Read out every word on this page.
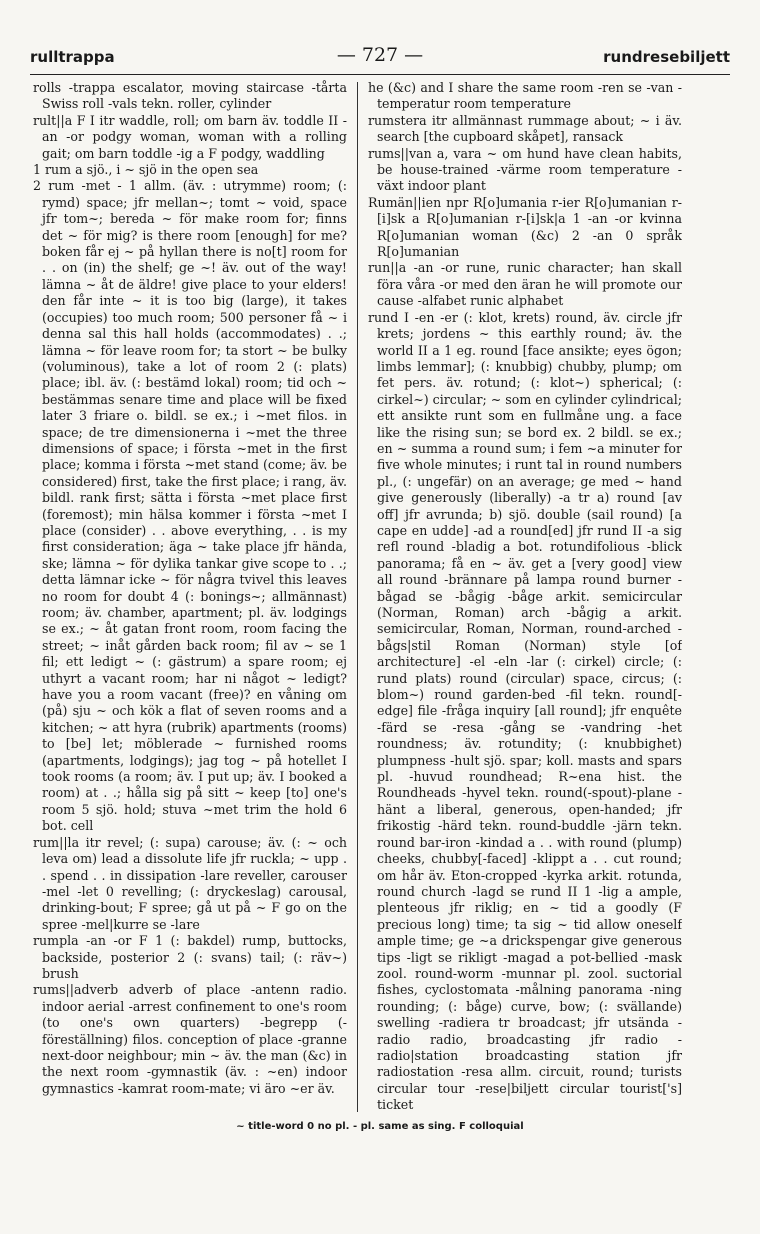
rulltrappa	— 727 —	rundresebiljett

rolls -trappa escalator, moving staircase -tårta Swiss roll -vals tekn. roller, cylinder

rult||a F I itr waddle, roll; om barn äv. toddle II -an -or podgy woman, woman with a rolling gait; om barn toddle -ig a F podgy, waddling

1 rum a sjö., i ~ sjö in the open sea

2 rum -met - 1 allm. (äv. : utrymme) room; (: rymd) space; jfr mellan~; tomt ~ void, space jfr tom~; bereda ~ för make room for; finns det ~ för mig? is there room [enough] for me? boken får ej ~ på hyllan there is no[t] room for . . on (in) the shelf; ge ~! äv. out of the way! lämna ~ åt de äldre! give place to your elders! den får inte ~ it is too big (large), it takes (occupies) too much room; 500 personer få ~ i denna sal this hall holds (accommodates) . .; lämna ~ för leave room for; ta stort ~ be bulky (voluminous), take a lot of room 2 (: plats) place; ibl. äv. (: bestämd lokal) room; tid och ~ bestämmas senare time and place will be fixed later 3 friare o. bildl. se ex.; i ~met filos. in space; de tre dimensionerna i ~met the three dimensions of space; i första ~met in the first place; komma i första ~met stand (come; äv. be considered) first, take the first place; i rang, äv. bildl. rank first; sätta i första ~met place first (foremost); min hälsa kommer i första ~met I place (consider) . . above everything, . . is my first consideration; äga ~ take place jfr hända, ske; lämna ~ för dylika tankar give scope to . .; detta lämnar icke ~ för några tvivel this leaves no room for doubt 4 (: bonings~; allmännast) room; äv. chamber, apartment; pl. äv. lodgings se ex.; ~ åt gatan front room, room facing the street; ~ inåt gården back room; fil av ~ se 1 fil; ett ledigt ~ (: gästrum) a spare room; ej uthyrt a vacant room; har ni något ~ ledigt? have you a room vacant (free)? en våning om (på) sju ~ och kök a flat of seven rooms and a kitchen; ~ att hyra (rubrik) apartments (rooms) to [be] let; möblerade ~ furnished rooms (apartments, lodgings); jag tog ~ på hotellet I took rooms (a room; äv. I put up; äv. I booked a room) at . .; hålla sig på sitt ~ keep [to] one's room 5 sjö. hold; stuva ~met trim the hold 6 bot. cell

rum||la itr revel; (: supa) carouse; äv. (: ~ och leva om) lead a dissolute life jfr ruckla; ~ upp . . spend . . in dissipation -lare reveller, carouser -mel -let 0 revelling; (: dryckeslag) carousal, drinking-bout; F spree; gå ut på ~ F go on the spree -mel|kurre se -lare

rumpla -an -or F 1 (: bakdel) rump, buttocks, backside, posterior 2 (: svans) tail; (: räv~) brush

rums||adverb adverb of place -antenn radio. indoor aerial -arrest confinement to one's room (to one's own quarters) -begrepp (-föreställning) filos. conception of place -granne next-door neighbour; min ~ äv. the man (&c) in the next room -gymnastik (äv. : ~en) indoor gymnastics -kamrat room-mate; vi äro ~er äv.

he (&c) and I share the same room -ren se -van -temperatur room temperature

rumstera itr allmännast rummage about; ~ i äv. search [the cupboard skåpet], ransack

rums||van a, vara ~ om hund have clean habits, be house-trained -värme room temperature -växt indoor plant

Rumän||ien npr R[o]umania r-ier R[o]umanian r-[i]sk a R[o]umanian r-[i]sk|a 1 -an -or kvinna R[o]umanian woman (&c) 2 -an 0 språk R[o]umanian

run||a -an -or rune, runic character; han skall föra våra -or med den äran he will promote our cause -alfabet runic alphabet

rund I -en -er (: klot, krets) round, äv. circle jfr krets; jordens ~ this earthly round; äv. the world II a 1 eg. round [face ansikte; eyes ögon; limbs lemmar]; (: knubbig) chubby, plump; om fet pers. äv. rotund; (: klot~) spherical; (: cirkel~) circular; ~ som en cylinder cylindrical; ett ansikte runt som en fullmåne ung. a face like the rising sun; se bord ex. 2 bildl. se ex.; en ~ summa a round sum; i fem ~a minuter for five whole minutes; i runt tal in round numbers pl., (: ungefär) on an average; ge med ~ hand give generously (liberally) -a tr a) round [av off] jfr avrunda; b) sjö. double (sail round) [a cape en udde] -ad a round[ed] jfr rund II -a sig refl round -bladig a bot. rotundifolious -blick panorama; få en ~ äv. get a [very good] view all round -brännare på lampa round burner -bågad se -bågig -båge arkit. semicircular (Norman, Roman) arch -bågig a arkit. semicircular, Roman, Norman, round-arched -bågs|stil Roman (Norman) style [of architecture] -el -eln -lar (: cirkel) circle; (: rund plats) round (circular) space, circus; (: blom~) round garden-bed -fil tekn. round[-edge] file -fråga inquiry [all round]; jfr enquête -färd se -resa -gång se -vandring -het roundness; äv. rotundity; (: knubbighet) plumpness -hult sjö. spar; koll. masts and spars pl. -huvud roundhead; R~ena hist. the Roundheads -hyvel tekn. round(-spout)-plane -hänt a liberal, generous, open-handed; jfr frikostig -härd tekn. round-buddle -järn tekn. round bar-iron -kindad a . . with round (plump) cheeks, chubby[-faced] -klippt a . . cut round; om hår äv. Eton-cropped -kyrka arkit. rotunda, round church -lagd se rund II 1 -lig a ample, plenteous jfr riklig; en ~ tid a goodly (F precious long) time; ta sig ~ tid allow oneself ample time; ge ~a drickspengar give generous tips -ligt se rikligt -magad a pot-bellied -mask zool. round-worm -munnar pl. zool. suctorial fishes, cyclostomata -målning panorama -ning rounding; (: båge) curve, bow; (: svällande) swelling -radiera tr broadcast; jfr utsända -radio radio, broadcasting jfr radio -radio|station broadcasting station jfr radiostation -resa allm. circuit, round; turists circular tour -rese|biljett circular tourist['s] ticket

~ title-word 0 no pl. - pl. same as sing. F colloquial
